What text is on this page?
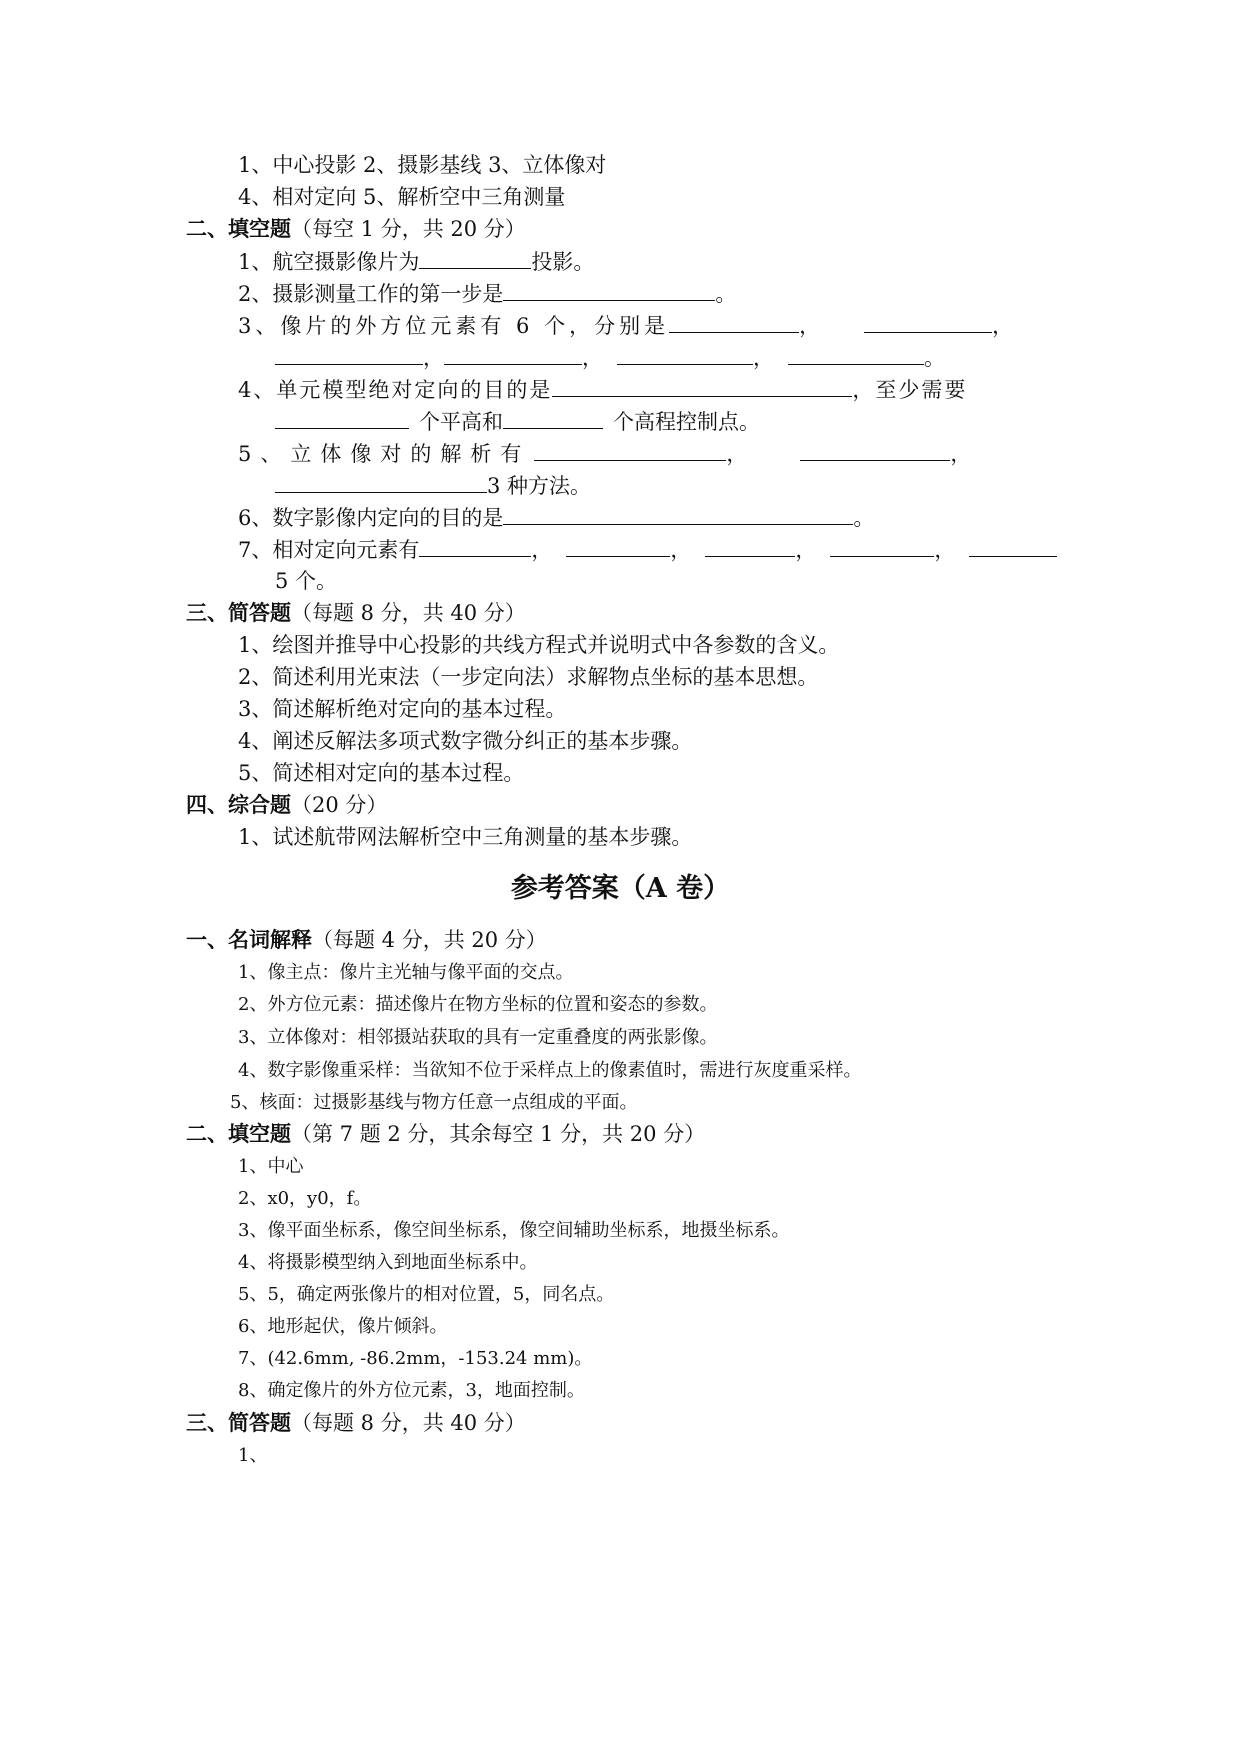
1、中心投影 2、摄影基线 3、立体像对
4、相对定向 5、解析空中三角测量
二、填空题（每空 1 分，共 20 分）
1、航空摄影像片为	投影。
2、摄影测量工作的第一步是	。
3、像片的外方位元素有 6 个，分别是	，	，
，	，	，	。
4、单元模型绝对定向的目的是	，至少需要
个平高和	个高程控制点。
5、立体像对的解析有	，	，
3 种方法。
6、数字影像内定向的目的是	。
7、相对定向元素有	，	，	，	，
5 个。
三、简答题（每题 8 分，共 40 分）
1、绘图并推导中心投影的共线方程式并说明式中各参数的含义。
2、简述利用光束法（一步定向法）求解物点坐标的基本思想。
3、简述解析绝对定向的基本过程。
4、阐述反解法多项式数字微分纠正的基本步骤。
5、简述相对定向的基本过程。
四、综合题（20 分）
1、试述航带网法解析空中三角测量的基本步骤。
参考答案（A 卷）
一、名词解释（每题 4 分，共 20 分）
1、像主点：像片主光轴与像平面的交点。
2、外方位元素：描述像片在物方坐标的位置和姿态的参数。
3、立体像对：相邻摄站获取的具有一定重叠度的两张影像。
4、数字影像重采样：当欲知不位于采样点上的像素值时，需进行灰度重采样。
5、核面：过摄影基线与物方任意一点组成的平面。
二、填空题（第 7 题 2 分，其余每空 1 分，共 20 分）
1、中心
2、x0，y0，f。
3、像平面坐标系，像空间坐标系，像空间辅助坐标系，地摄坐标系。
4、将摄影模型纳入到地面坐标系中。
5、5，确定两张像片的相对位置，5，同名点。
6、地形起伏，像片倾斜。
7、(42.6mm, -86.2mm，-153.24 mm)。
8、确定像片的外方位元素，3，地面控制。
三、简答题（每题 8 分，共 40 分）
1、
